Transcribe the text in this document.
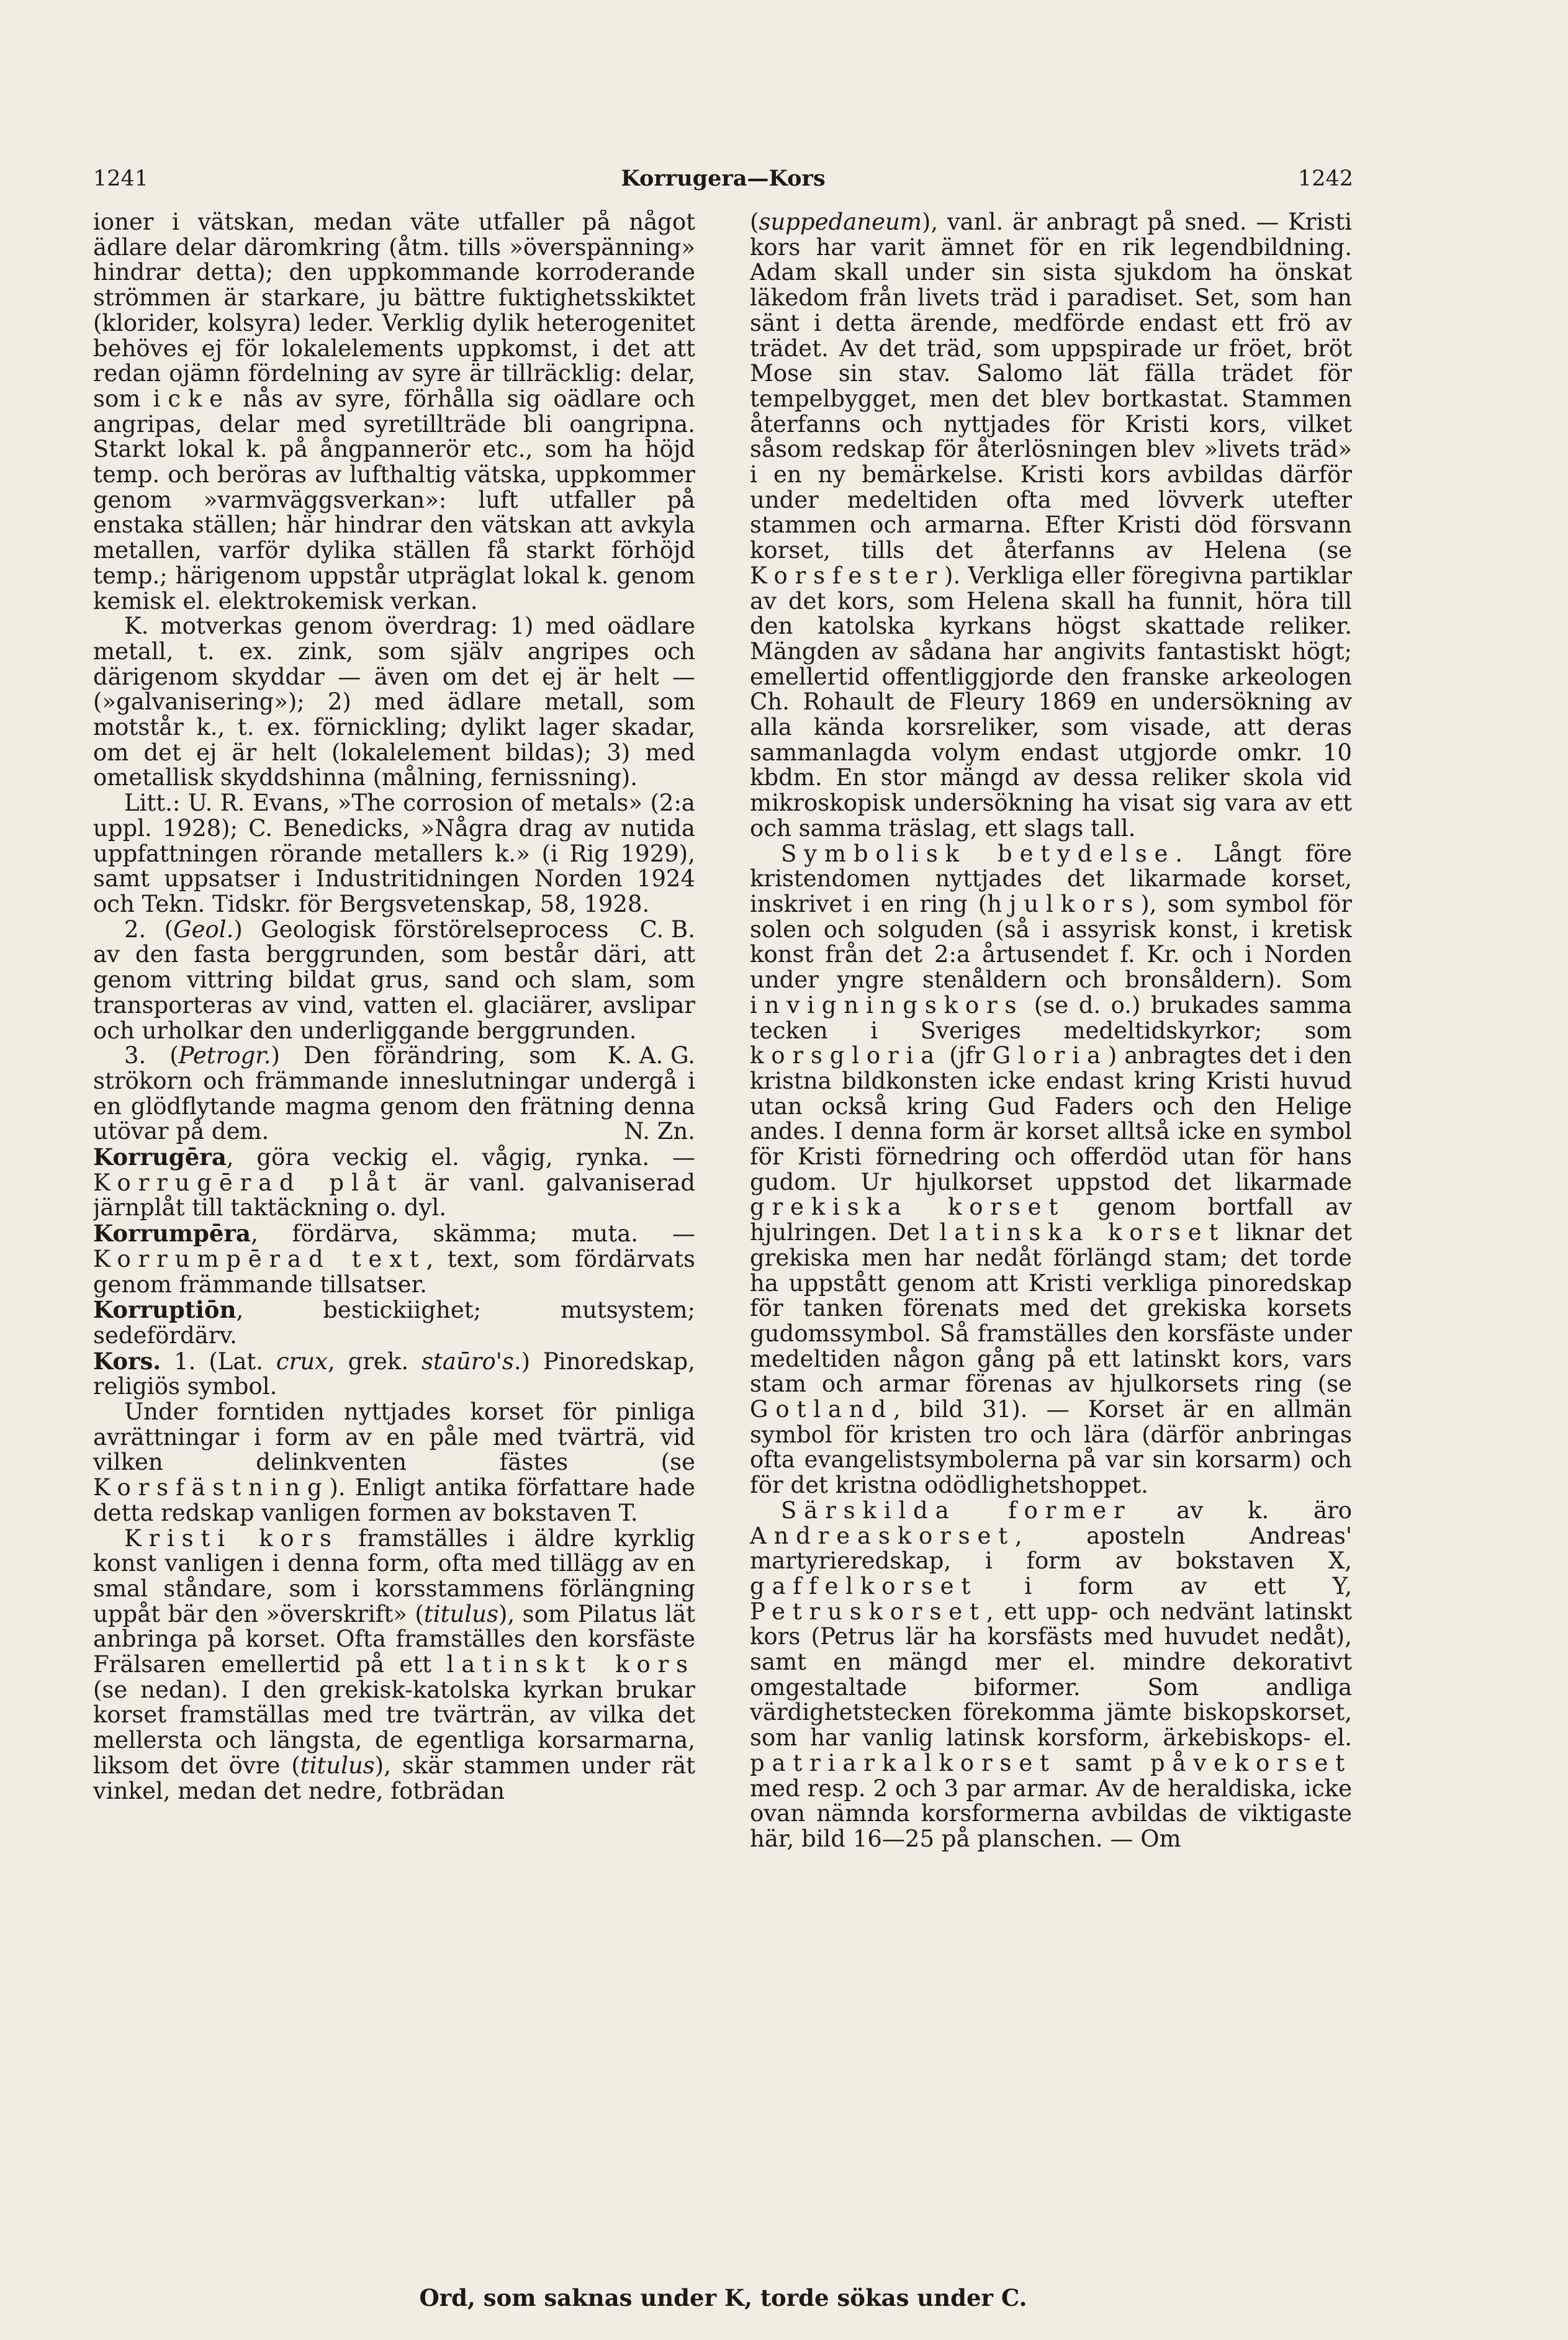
1241	Korrugera—Kors	1242

ioner i vätskan, medan väte utfaller på något ädlare delar däromkring (åtm. tills »överspänning» hindrar detta); den uppkommande korroderande strömmen är starkare, ju bättre fuktighetsskiktet (klorider, kolsyra) leder. Verklig dylik heterogenitet behöves ej för lokalelements uppkomst, i det att redan ojämn fördelning av syre är tillräcklig: delar, som icke nås av syre, förhålla sig oädlare och angripas, delar med syretillträde bli oangripna. Starkt lokal k. på ångpannerör etc., som ha höjd temp. och beröras av lufthaltig vätska, uppkommer genom »varmväggsverkan»: luft utfaller på enstaka ställen; här hindrar den vätskan att avkyla metallen, varför dylika ställen få starkt förhöjd temp.; härigenom uppstår utpräglat lokal k. genom kemisk el. elektrokemisk verkan.

K. motverkas genom överdrag: 1) med oädlare metall, t. ex. zink, som själv angripes och därigenom skyddar — även om det ej är helt — (»galvanisering»); 2) med ädlare metall, som motstår k., t. ex. förnickling; dylikt lager skadar, om det ej är helt (lokalelement bildas); 3) med ometallisk skyddshinna (målning, fernissning).

Litt.: U. R. Evans, »The corrosion of metals» (2:a uppl. 1928); C. Benedicks, »Några drag av nutida uppfattningen rörande metallers k.» (i Rig 1929), samt uppsatser i Industritidningen Norden 1924 och Tekn. Tidskr. för Bergsvetenskap, 58, 1928.
C. B.

2. (Geol.) Geologisk förstörelseprocess av den fasta berggrunden, som består däri, att genom vittring bildat grus, sand och slam, som transporteras av vind, vatten el. glaciärer, avslipar och urholkar den underliggande berggrunden.
K. A. G.

3. (Petrogr.) Den förändring, som strökorn och främmande inneslutningar undergå i en glödflytande magma genom den frätning denna utövar på dem.	N. Zn.

Korrugēra, göra veckig el. vågig, rynka. — Korrugērad plåt är vanl. galvaniserad järnplåt till taktäckning o. dyl.

Korrumpēra, fördärva, skämma; muta. — Korrumpērad text, text, som fördärvats genom främmande tillsatser.

Korruptiōn, bestickiighet; mutsystem; sedefördärv.

Kors. 1. (Lat. crux, grek. staūro's.) Pinoredskap, religiös symbol.

Under forntiden nyttjades korset för pinliga avrättningar i form av en påle med tvärträ, vid vilken delinkventen fästes (se Korsfästning). Enligt antika författare hade detta redskap vanligen formen av bokstaven T.

Kristi kors framställes i äldre kyrklig konst vanligen i denna form, ofta med tillägg av en smal ståndare, som i korsstammens förlängning uppåt bär den »överskrift» (titulus), som Pilatus lät anbringa på korset. Ofta framställes den korsfäste Frälsaren emellertid på ett latinskt kors (se nedan). I den grekisk-katolska kyrkan brukar korset framställas med tre tvärträn, av vilka det mellersta och längsta, de egentliga korsarmarna, liksom det övre (titulus), skär stammen under rät vinkel, medan det nedre, fotbrädan

(suppedaneum), vanl. är anbragt på sned. — Kristi kors har varit ämnet för en rik legendbildning. Adam skall under sin sista sjukdom ha önskat läkedom från livets träd i paradiset. Set, som han sänt i detta ärende, medförde endast ett frö av trädet. Av det träd, som uppspirade ur fröet, bröt Mose sin stav. Salomo lät fälla trädet för tempelbygget, men det blev bortkastat. Stammen återfanns och nyttjades för Kristi kors, vilket såsom redskap för återlösningen blev »livets träd» i en ny bemärkelse. Kristi kors avbildas därför under medeltiden ofta med lövverk utefter stammen och armarna. Efter Kristi död försvann korset, tills det återfanns av Helena (se Korsfester). Verkliga eller föregivna partiklar av det kors, som Helena skall ha funnit, höra till den katolska kyrkans högst skattade reliker. Mängden av sådana har angivits fantastiskt högt; emellertid offentliggjorde den franske arkeologen Ch. Rohault de Fleury 1869 en undersökning av alla kända korsreliker, som visade, att deras sammanlagda volym endast utgjorde omkr. 10 kbdm. En stor mängd av dessa reliker skola vid mikroskopisk undersökning ha visat sig vara av ett och samma träslag, ett slags tall.

Symbolisk betydelse. Långt före kristendomen nyttjades det likarmade korset, inskrivet i en ring (hjulkors), som symbol för solen och solguden (så i assyrisk konst, i kretisk konst från det 2:a årtusendet f. Kr. och i Norden under yngre stenåldern och bronsåldern). Som invigningskors (se d. o.) brukades samma tecken i Sveriges medeltidskyrkor; som korsgloria (jfr Gloria) anbragtes det i den kristna bildkonsten icke endast kring Kristi huvud utan också kring Gud Faders och den Helige andes. I denna form är korset alltså icke en symbol för Kristi förnedring och offerdöd utan för hans gudom. Ur hjulkorset uppstod det likarmade grekiska korset genom bortfall av hjulringen. Det latinska korset liknar det grekiska men har nedåt förlängd stam; det torde ha uppstått genom att Kristi verkliga pinoredskap för tanken förenats med det grekiska korsets gudomssymbol. Så framställes den korsfäste under medeltiden någon gång på ett latinskt kors, vars stam och armar förenas av hjulkorsets ring (se Gotland, bild 31). — Korset är en allmän symbol för kristen tro och lära (därför anbringas ofta evangelistsymbolerna på var sin korsarm) och för det kristna odödlighetshoppet.

Särskilda former av k. äro Andreaskorset, aposteln Andreas' martyrieredskap, i form av bokstaven X, gaffelkorset i form av ett Y, Petruskorset, ett upp- och nedvänt latinskt kors (Petrus lär ha korsfästs med huvudet nedåt), samt en mängd mer el. mindre dekorativt omgestaltade biformer. Som andliga värdighetstecken förekomma jämte biskopskorset, som har vanlig latinsk korsform, ärkebiskops- el. patriarkalkorset samt påvekorset med resp. 2 och 3 par armar. Av de heraldiska, icke ovan nämnda korsformerna avbildas de viktigaste här, bild 16—25 på planschen. — Om

Ord, som saknas under K, torde sökas under C.
